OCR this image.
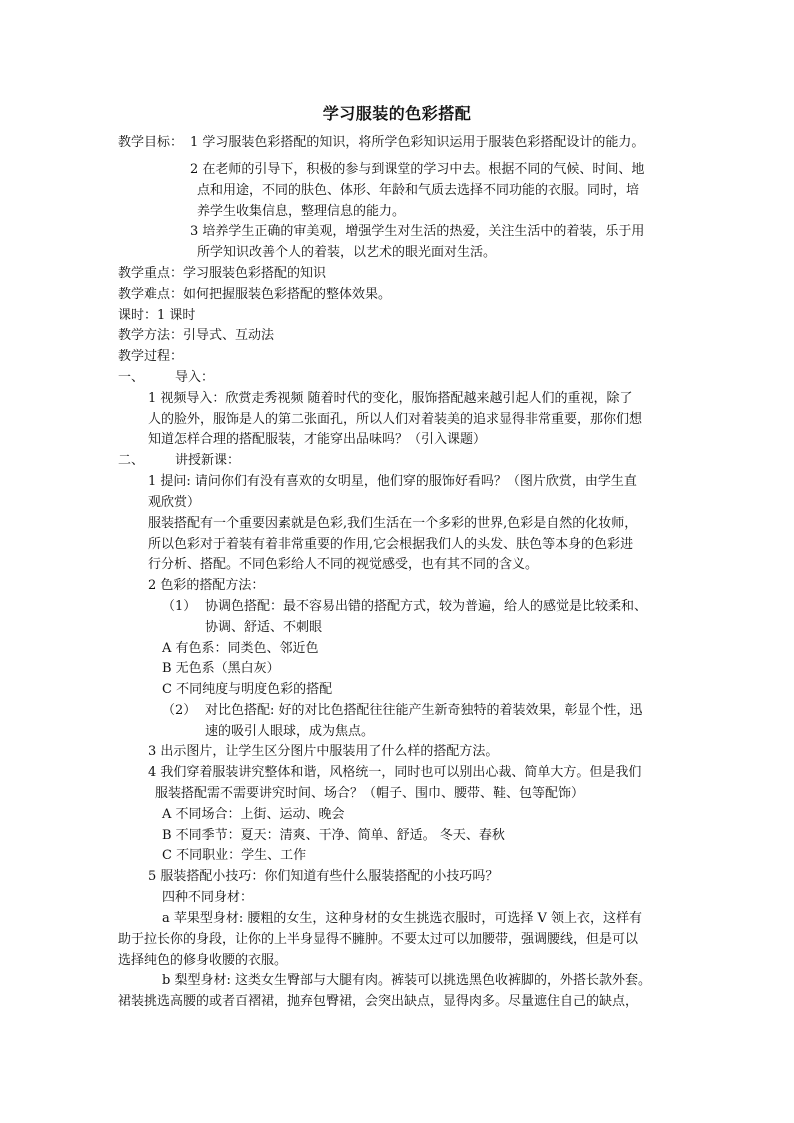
学习服装的色彩搭配
教学目标： 1 学习服装色彩搭配的知识，将所学色彩知识运用于服装色彩搭配设计的能力。
2 在老师的引导下，积极的参与到课堂的学习中去。根据不同的气候、时间、地
点和用途，不同的肤色、体形、年龄和气质去选择不同功能的衣服。同时，培
养学生收集信息，整理信息的能力。
3 培养学生正确的审美观，增强学生对生活的热爱，关注生活中的着装，乐于用
所学知识改善个人的着装，以艺术的眼光面对生活。
教学重点：学习服装色彩搭配的知识
教学难点：如何把握服装色彩搭配的整体效果。
课时：1 课时
教学方法：引导式、互动法
教学过程：
一、 导入：
1 视频导入：欣赏走秀视频 随着时代的变化，服饰搭配越来越引起人们的重视，除了
人的脸外，服饰是人的第二张面孔，所以人们对着装美的追求显得非常重要，那你们想
知道怎样合理的搭配服装，才能穿出品味吗？（引入课题）
二、 讲授新课：
1 提问: 请问你们有没有喜欢的女明星，他们穿的服饰好看吗？（图片欣赏，由学生直
观欣赏）
服装搭配有一个重要因素就是色彩,我们生活在一个多彩的世界,色彩是自然的化妆师，
所以色彩对于着装有着非常重要的作用,它会根据我们人的头发、肤色等本身的色彩进
行分析、搭配。不同色彩给人不同的视觉感受，也有其不同的含义。
2 色彩的搭配方法：
（1） 协调色搭配：最不容易出错的搭配方式，较为普遍，给人的感觉是比较柔和、
协调、舒适、不刺眼
A 有色系：同类色、邻近色
B 无色系（黑白灰）
C 不同纯度与明度色彩的搭配
（2） 对比色搭配: 好的对比色搭配往往能产生新奇独特的着装效果，彰显个性，迅
速的吸引人眼球，成为焦点。
3 出示图片，让学生区分图片中服装用了什么样的搭配方法。
4 我们穿着服装讲究整体和谐，风格统一，同时也可以别出心裁、简单大方。但是我们
服装搭配需不需要讲究时间、场合？（帽子、围巾、腰带、鞋、包等配饰）
A 不同场合：上街、运动、晚会
B 不同季节：夏天：清爽、干净、简单、舒适。 冬天、春秋
C 不同职业：学生、工作
5 服装搭配小技巧：你们知道有些什么服装搭配的小技巧吗？
四种不同身材：
a 苹果型身材: 腰粗的女生，这种身材的女生挑选衣服时，可选择 V 领上衣，这样有
助于拉长你的身段，让你的上半身显得不臃肿。不要太过可以加腰带，强调腰线，但是可以
选择纯色的修身收腰的衣服。
b 梨型身材: 这类女生臀部与大腿有肉。裤装可以挑选黑色收裤脚的，外搭长款外套。
裙装挑选高腰的或者百褶裙，抛弃包臀裙，会突出缺点，显得肉多。尽量遮住自己的缺点，
